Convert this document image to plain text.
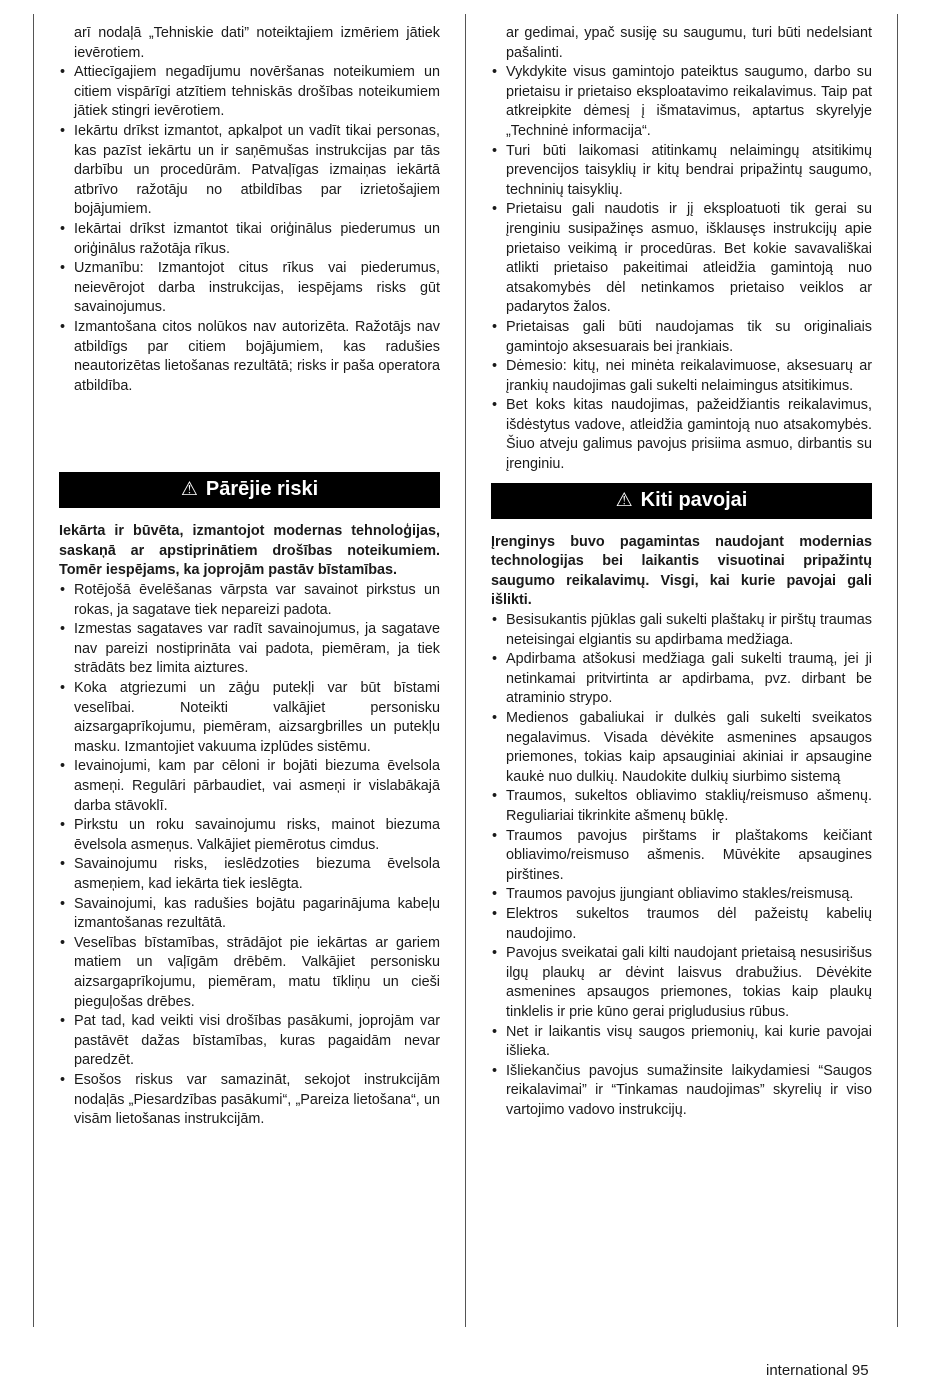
arī nodaļā „Tehniskie dati” noteiktajiem izmēriem jātiek ievērotiem.
• Attiecīgajiem negadījumu novēršanas noteikumiem un citiem vispārīgi atzītiem tehniskās drošības noteikumiem jātiek stingri ievērotiem.
• Iekārtu drīkst izmantot, apkalpot un vadīt tikai personas, kas pazīst iekārtu un ir saņēmušas instrukcijas par tās darbību un procedūrām. Patvaļīgas izmaiņas iekārtā atbrīvo ražotāju no atbildības par izrietošajiem bojājumiem.
• Iekārtai drīkst izmantot tikai oriģinālus piederumus un oriģinālus ražotāja rīkus.
• Uzmanību: Izmantojot citus rīkus vai piederumus, neievērojot darba instrukcijas, iespējams risks gūt savainojumus.
• Izmantošana citos nolūkos nav autorizēta. Ražotājs nav atbildīgs par citiem bojājumiem, kas radušies neautorizētas lietošanas rezultātā; risks ir paša operatora atbildība.
⚠ Pārējie riski
Iekārta ir būvēta, izmantojot modernas tehnoloģijas, saskaņā ar apstiprinātiem drošības noteikumiem. Tomēr iespējams, ka joprojām pastāv bīstamības.
• Rotējošā ēvelēšanas vārpsta var savainot pirkstus un rokas, ja sagatave tiek nepareizi padota.
• Izmestas sagataves var radīt savainojumus, ja sagatave nav pareizi nostiprināta vai padota, piemēram, ja tiek strādāts bez limita aiztures.
• Koka atgriezumi un zāģu putekļi var būt bīstami veselībai. Noteikti valkājiet personisku aizsargaprīkojumu, piemēram, aizsargbrilles un putekļu masku. Izmantojiet vakuuma izplūdes sistēmu.
• Ievainojumi, kam par cēloni ir bojāti biezuma ēvelsola asmeņi. Regulāri pārbaudiet, vai asmeņi ir vislabākajā darba stāvoklī.
• Pirkstu un roku savainojumu risks, mainot biezuma ēvelsola asmeņus. Valkājiet piemērotus cimdus.
• Savainojumu risks, ieslēdzoties biezuma ēvelsola asmeņiem, kad iekārta tiek ieslēgta.
• Savainojumi, kas radušies bojātu pagarinājuma kabeļu izmantošanas rezultātā.
• Veselības bīstamības, strādājot pie iekārtas ar gariem matiem un vaļīgām drēbēm. Valkājiet personisku aizsargaprīkojumu, piemēram, matu tīkliņu un cieši pieguļošas drēbes.
• Pat tad, kad veikti visi drošības pasākumi, joprojām var pastāvēt dažas bīstamības, kuras pagaidām nevar paredzēt.
• Esošos riskus var samazināt, sekojot instrukcijām nodaļās „Piesardzības pasākumi“, „Pareiza lietošana“, un visām lietošanas instrukcijām.
ar gedimai, ypač susiję su saugumu, turi būti nedelsiant pašalinti.
• Vykdykite visus gamintojo pateiktus saugumo, darbo su prietaisu ir prietaiso eksploatavimo reikalavimus. Taip pat atkreipkite dėmesį į išmatavimus, aptartus skyrelyje „Techninė informacija“.
• Turi būti laikomasi atitinkamų nelaimingų atsitikimų prevencijos taisyklių ir kitų bendrai pripažintų saugumo, techninių taisyklių.
• Prietaisu gali naudotis ir jį eksploatuoti tik gerai su įrenginiu susipažinęs asmuo, išklausęs instrukcijų apie prietaiso veikimą ir procedūras. Bet kokie savavališkai atlikti prietaiso pakeitimai atleidžia gamintoją nuo atsakomybės dėl netinkamos prietaiso veiklos ar padarytos žalos.
• Prietaisas gali būti naudojamas tik su originaliais gamintojo aksesuarais bei įrankiais.
• Dėmesio: kitų, nei minėta reikalavimuose, aksesuarų ar įrankių naudojimas gali sukelti nelaimingus atsitikimus.
• Bet koks kitas naudojimas, pažeidžiantis reikalavimus, išdėstytus vadove, atleidžia gamintoją nuo atsakomybės. Šiuo atveju galimus pavojus prisiima asmuo, dirbantis su įrenginiu.
⚠ Kiti pavojai
Įrenginys buvo pagamintas naudojant modernias technologijas bei laikantis visuotinai pripažintų saugumo reikalavimų. Visgi, kai kurie pavojai gali išlikti.
• Besisukantis pjūklas gali sukelti plaštakų ir pirštų traumas neteisingai elgiantis su apdirbama medžiaga.
• Apdirbama atšokusi medžiaga gali sukelti traumą, jei ji netinkamai pritvirtinta ar apdirbama, pvz. dirbant be atraminio strypo.
• Medienos gabaliukai ir dulkės gali sukelti sveikatos negalavimus. Visada dėvėkite asmenines apsaugos priemones, tokias kaip apsauginiai akiniai ir apsaugine kaukė nuo dulkių. Naudokite dulkių siurbimo sistemą
• Traumos, sukeltos obliavimo staklių/reismuso ašmenų. Reguliariai tikrinkite ašmenų būklę.
• Traumos pavojus pirštams ir plaštakoms keičiant obliavimo/reismuso ašmenis. Mūvėkite apsaugines pirštines.
• Traumos pavojus įjungiant obliavimo stakles/reismusą.
• Elektros sukeltos traumos dėl pažeistų kabelių naudojimo.
• Pavojus sveikatai gali kilti naudojant prietaisą nesusirišus ilgų plaukų ar dėvint laisvus drabužius. Dėvėkite asmenines apsaugos priemones, tokias kaip plaukų tinklelis ir prie kūno gerai prigludusius rūbus.
• Net ir laikantis visų saugos priemonių, kai kurie pavojai išlieka.
• Išliekančius pavojus sumažinsite laikydamiesi “Saugos reikalavimai” ir “Tinkamas naudojimas” skyrelių ir viso vartojimo vadovo instrukcijų.
international 95
